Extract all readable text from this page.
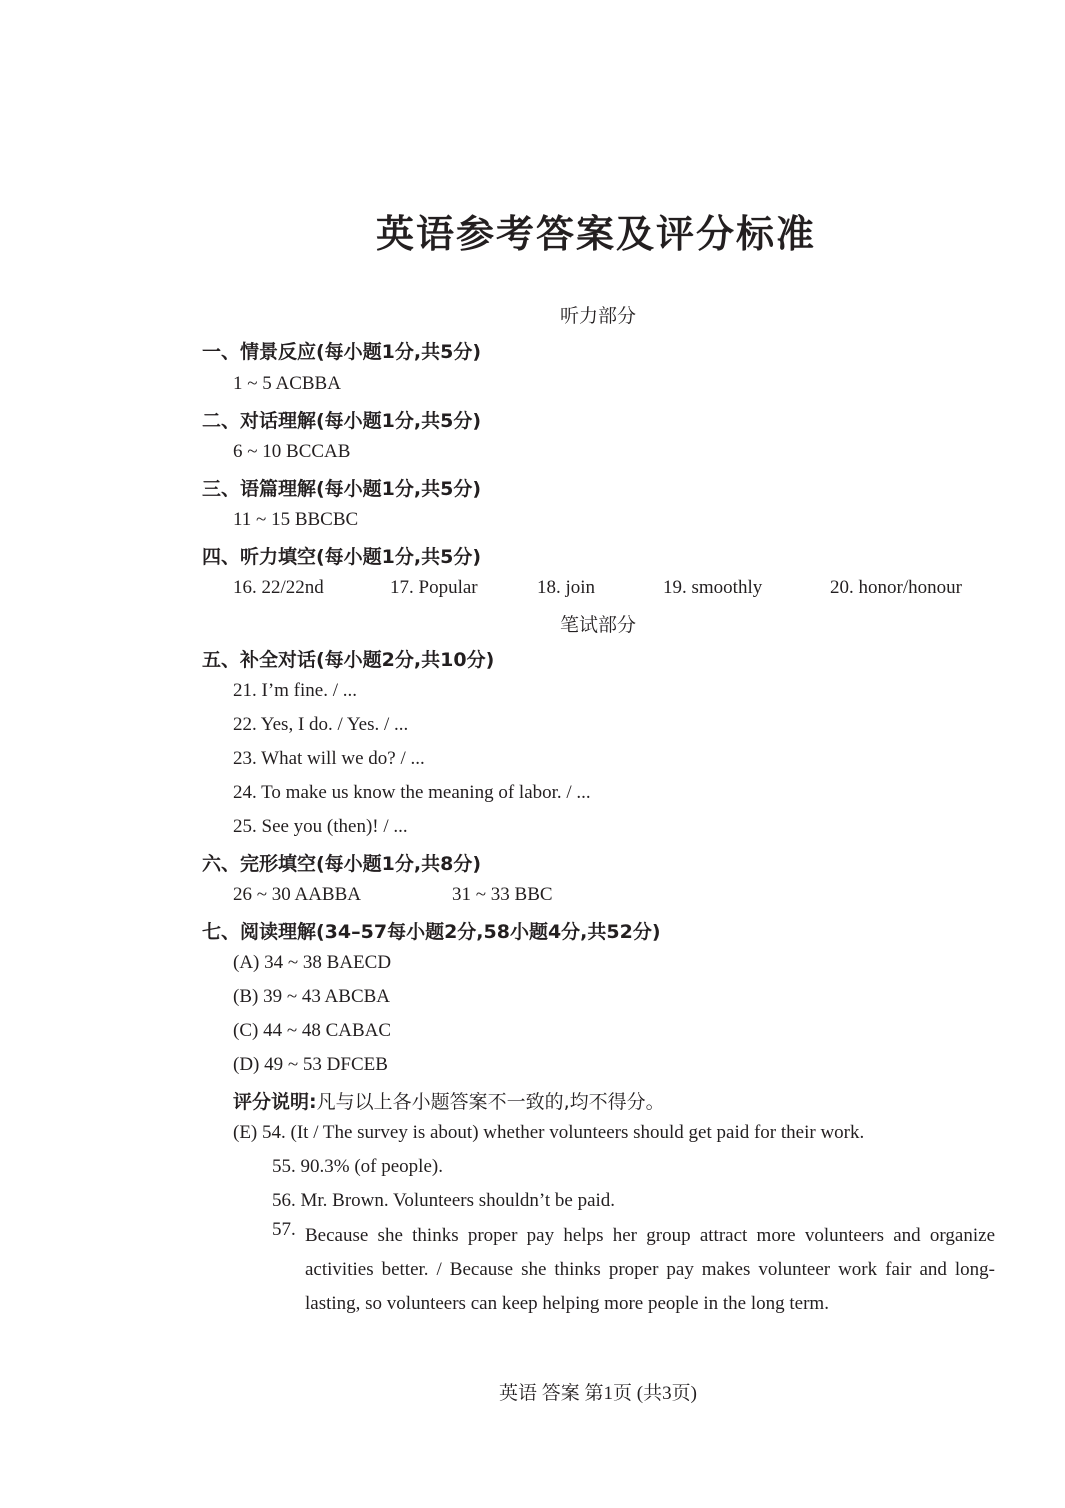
英语参考答案及评分标准
听力部分
一、情景反应(每小题1分,共5分)
1 ~ 5 ACBBA
二、对话理解(每小题1分,共5分)
6 ~ 10 BCCAB
三、语篇理解(每小题1分,共5分)
11 ~ 15 BBCBC
四、听力填空(每小题1分,共5分)
16. 22/22nd	17. Popular	18. join	19. smoothly	20. honor/honour
笔试部分
五、补全对话(每小题2分,共10分)
21. I’m fine. / ...
22. Yes, I do. / Yes. / ...
23. What will we do? / ...
24. To make us know the meaning of labor. / ...
25. See you (then)! / ...
六、完形填空(每小题1分,共8分)
26 ~ 30 AABBA	31 ~ 33 BBC
七、阅读理解(34–57每小题2分,58小题4分,共52分)
(A) 34 ~ 38 BAECD
(B) 39 ~ 43 ABCBA
(C) 44 ~ 48 CABAC
(D) 49 ~ 53 DFCEB
评分说明:凡与以上各小题答案不一致的,均不得分。
(E) 54. (It / The survey is about) whether volunteers should get paid for their work.
55. 90.3% (of people).
56. Mr. Brown. Volunteers shouldn’t be paid.
57. Because she thinks proper pay helps her group attract more volunteers and organize activities better. / Because she thinks proper pay makes volunteer work fair and long-lasting, so volunteers can keep helping more people in the long term.
英语 答案 第1页 (共3页)
